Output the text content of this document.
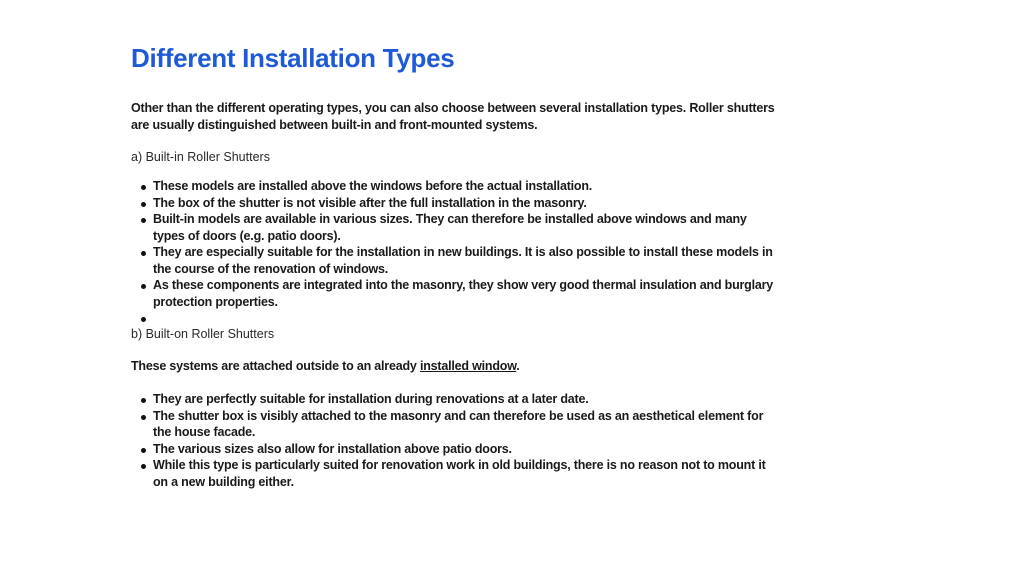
Different Installation Types

Other than the different operating types, you can also choose between several installation types. Roller shutters are usually distinguished between built-in and front-mounted systems.

a) Built-in Roller Shutters

These models are installed above the windows before the actual installation.
The box of the shutter is not visible after the full installation in the masonry.
Built-in models are available in various sizes. They can therefore be installed above windows and many types of doors (e.g. patio doors).
They are especially suitable for the installation in new buildings. It is also possible to install these models in the course of the renovation of windows.
As these components are integrated into the masonry, they show very good thermal insulation and burglary protection properties.

b) Built-on Roller Shutters

These systems are attached outside to an already installed window.

They are perfectly suitable for installation during renovations at a later date.
The shutter box is visibly attached to the masonry and can therefore be used as an aesthetical element for the house facade.
The various sizes also allow for installation above patio doors.
While this type is particularly suited for renovation work in old buildings, there is no reason not to mount it on a new building either.
